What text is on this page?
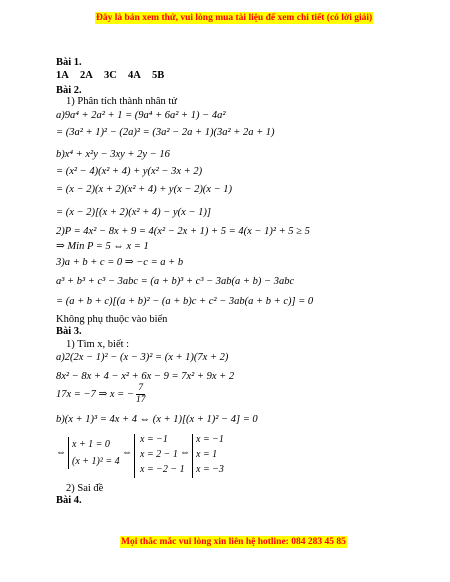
Đây là bản xem thử, vui lòng mua tài liệu để xem chi tiết (có lời giải)
Bài 1.
1A 2A 3C 4A 5B
Bài 2.
1) Phân tích thành nhân tử
a)9a⁴ + 2a² + 1 = (9a⁴ + 6a² + 1) − 4a²
= (3a² + 1)² − (2a)² = (3a² − 2a + 1)(3a² + 2a + 1)
b)x⁴ + x²y − 3xy + 2y − 16
= (x² − 4)(x² + 4) + y(x² − 3x + 2)
= (x − 2)(x + 2)(x² + 4) + y(x − 2)(x − 1)
= (x − 2)[(x + 2)(x² + 4) − y(x − 1)]
2)P = 4x² − 8x + 9 = 4(x² − 2x + 1) + 5 = 4(x − 1)² + 5 ≥ 5
⇒ Min P = 5 ⇔ x = 1
3)a + b + c = 0 ⇒ −c = a + b
a³ + b³ + c³ − 3abc = (a + b)³ + c³ − 3ab(a + b) − 3abc
= (a + b + c)[(a + b)² − (a + b)c + c² − 3ab(a + b + c)] = 0
Không phụ thuộc vào biến
Bài 3.
1) Tìm x, biết :
a)2(2x − 1)² − (x − 3)² = (x + 1)(7x + 2)
8x² − 8x + 4 − x² + 6x − 9 = 7x² + 9x + 2
17x = −7 ⇒ x = − $\frac{7}{17}$
b)(x + 1)³ = 4x + 4 ⇔ (x + 1)[(x + 1)² − 4] = 0
⇔
x + 1 = 0
(x + 1)² = 4
⇔
x = −1
x = 2 − 1
x = −2 − 1
⇔
x = −1
x = 1
x = −3
2) Sai đề
Bài 4.
Mọi thắc mắc vui lòng xin liên hệ hotline: 084 283 45 85
